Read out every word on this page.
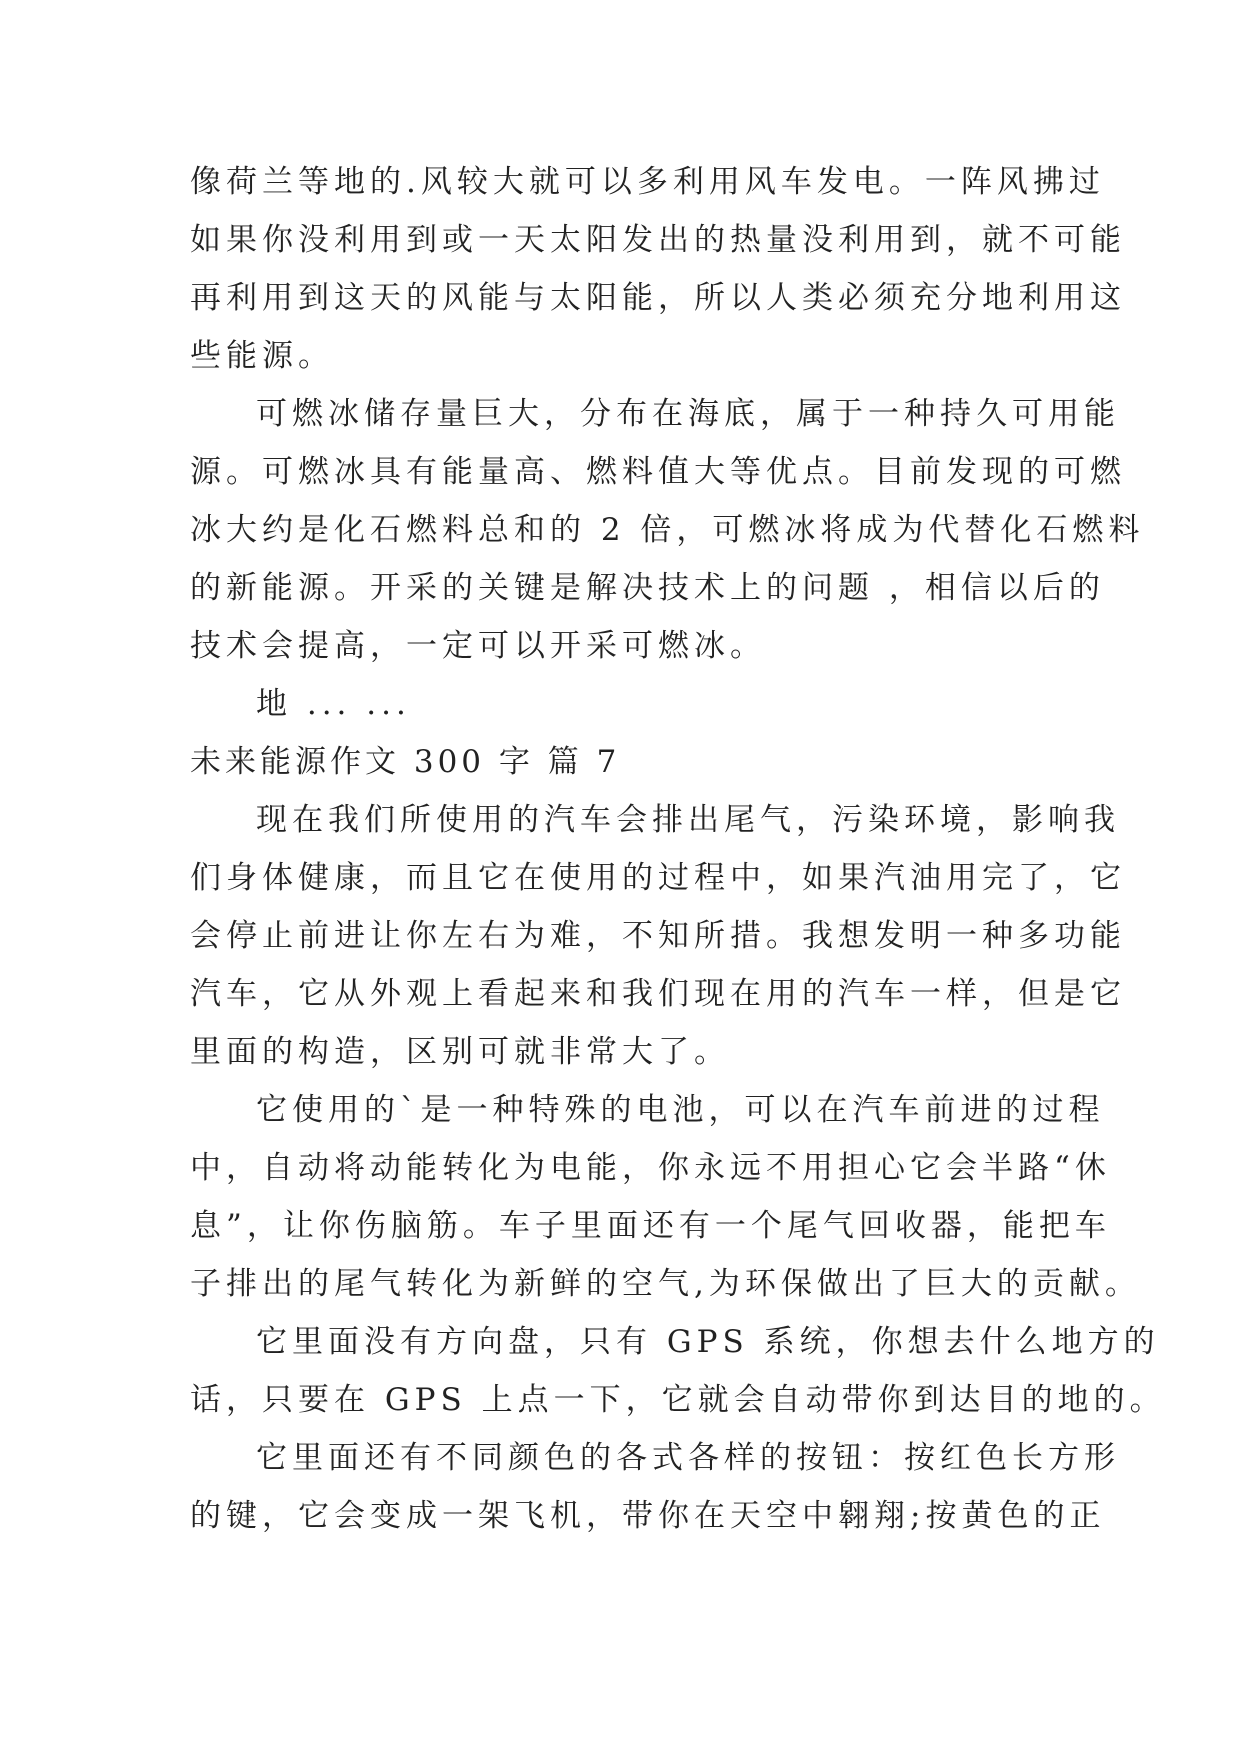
像荷兰等地的.风较大就可以多利用风车发电。一阵风拂过
如果你没利用到或一天太阳发出的热量没利用到，就不可能
再利用到这天的风能与太阳能，所以人类必须充分地利用这
些能源。
可燃冰储存量巨大，分布在海底，属于一种持久可用能
源。可燃冰具有能量高、燃料值大等优点。目前发现的可燃
冰大约是化石燃料总和的 2 倍，可燃冰将成为代替化石燃料
的新能源。开采的关键是解决技术上的问题 ，相信以后的
技术会提高，一定可以开采可燃冰。
地 ... ...
未来能源作文 300 字 篇 7
现在我们所使用的汽车会排出尾气，污染环境，影响我
们身体健康，而且它在使用的过程中，如果汽油用完了，它
会停止前进让你左右为难，不知所措。我想发明一种多功能
汽车，它从外观上看起来和我们现在用的汽车一样，但是它
里面的构造，区别可就非常大了。
它使用的`是一种特殊的电池，可以在汽车前进的过程
中，自动将动能转化为电能，你永远不用担心它会半路“休
息”，让你伤脑筋。车子里面还有一个尾气回收器，能把车
子排出的尾气转化为新鲜的空气,为环保做出了巨大的贡献。
它里面没有方向盘，只有 GPS 系统，你想去什么地方的
话，只要在 GPS 上点一下，它就会自动带你到达目的地的。
它里面还有不同颜色的各式各样的按钮：按红色长方形
的键，它会变成一架飞机，带你在天空中翱翔;按黄色的正
